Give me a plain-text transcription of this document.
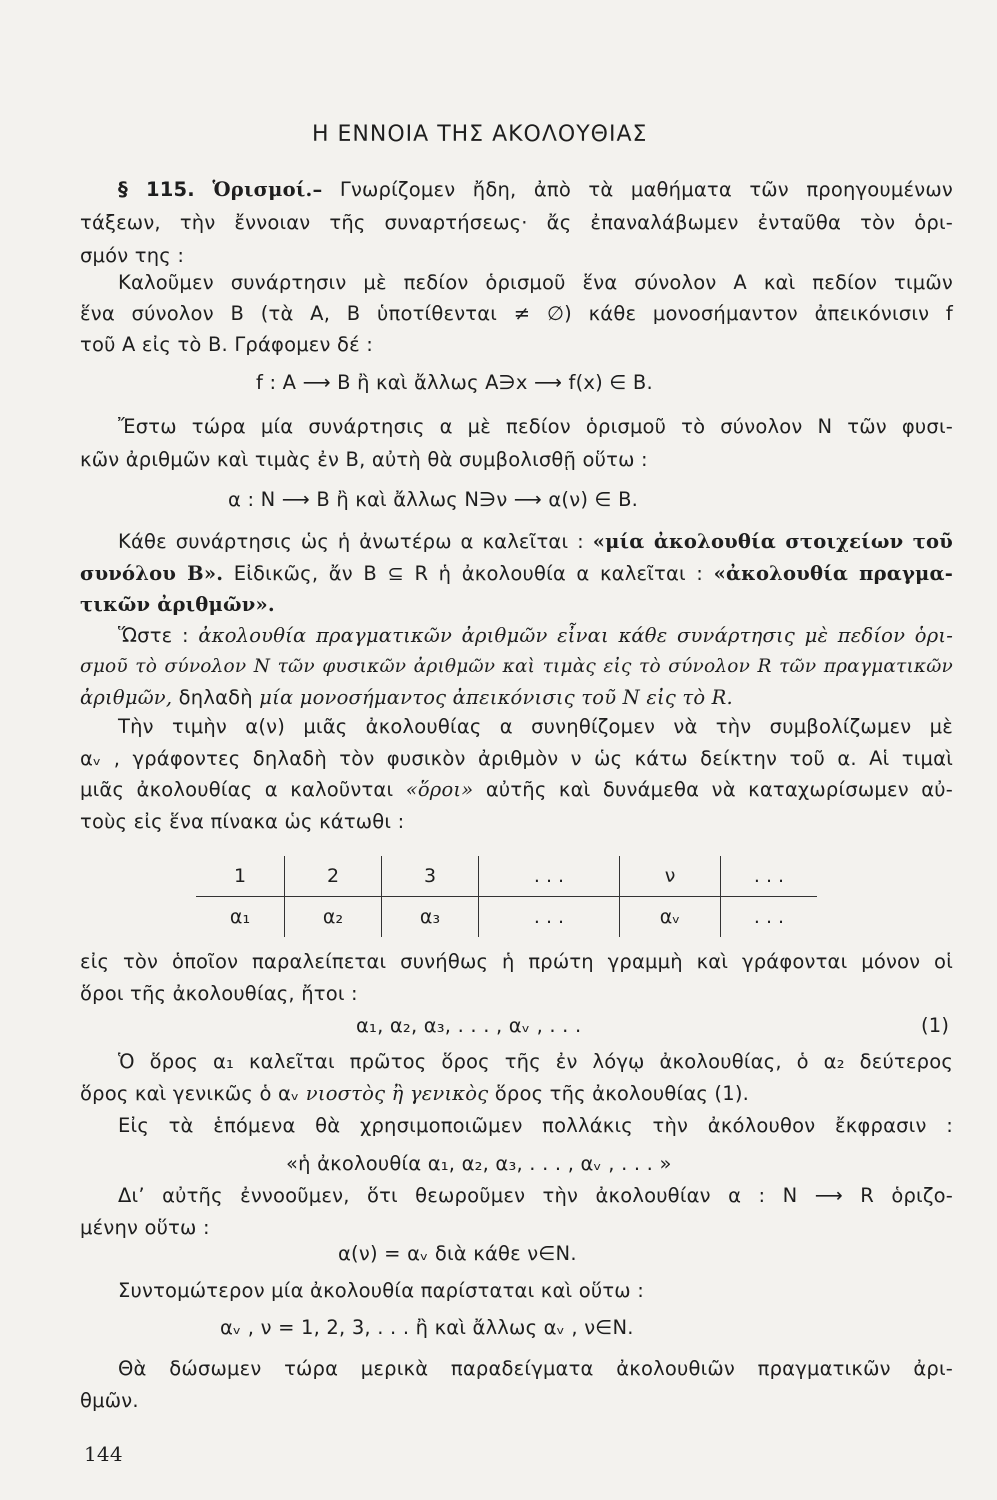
Η ΕΝΝΟΙΑ ΤΗΣ ΑΚΟΛΟΥΘΙΑΣ
§ 115. Ὁρισμοί.– Γνωρίζομεν ἤδη, ἀπὸ τὰ μαθήματα τῶν προηγουμένων
τάξεων, τὴν ἔννοιαν τῆς συναρτήσεως· ἄς ἐπαναλάβωμεν ἐνταῦθα τὸν ὁρι-
σμόν της :
Καλοῦμεν συνάρτησιν μὲ πεδίον ὁρισμοῦ ἕνα σύνολον A καὶ πεδίον τιμῶν
ἕνα σύνολον B (τὰ A, B ὑποτίθενται ≠ ∅) κάθε μονοσήμαντον ἀπεικόνισιν f
τοῦ A εἰς τὸ B. Γράφομεν δέ :
f : A ⟶ B ἢ καὶ ἄλλως A∋x ⟶ f(x) ∈ B.
Ἔστω τώρα μία συνάρτησις α μὲ πεδίον ὁρισμοῦ τὸ σύνολον N τῶν φυσι-
κῶν ἀριθμῶν καὶ τιμὰς ἐν B, αὐτὴ θὰ συμβολισθῇ οὕτω :
α : N ⟶ B ἢ καὶ ἄλλως N∋ν ⟶ α(ν) ∈ B.
Κάθε συνάρτησις ὡς ἡ ἀνωτέρω α καλεῖται : «μία ἀκολουθία στοιχείων τοῦ
συνόλου B». Εἰδικῶς, ἄν B ⊆ R ἡ ἀκολουθία α καλεῖται : «ἀκολουθία πραγμα-
τικῶν ἀριθμῶν».
Ὥστε : ἀκολουθία πραγματικῶν ἀριθμῶν εἶναι κάθε συνάρτησις μὲ πεδίον ὁρι-
σμοῦ τὸ σύνολον N τῶν φυσικῶν ἀριθμῶν καὶ τιμὰς εἰς τὸ σύνολον R τῶν πραγματικῶν
ἀριθμῶν, δηλαδὴ μία μονοσήμαντος ἀπεικόνισις τοῦ N εἰς τὸ R.
Τὴν τιμὴν α(ν) μιᾶς ἀκολουθίας α συνηθίζομεν νὰ τὴν συμβολίζωμεν μὲ
αᵥ , γράφοντες δηλαδὴ τὸν φυσικὸν ἀριθμὸν ν ὡς κάτω δείκτην τοῦ α. Αἱ τιμαὶ
μιᾶς ἀκολουθίας α καλοῦνται «ὅροι» αὐτῆς καὶ δυνάμεθα νὰ καταχωρίσωμεν αὐ-
τοὺς εἰς ἕνα πίνακα ὡς κάτωθι :
1	2	3	. . .	ν	. . .
α₁	α₂	α₃	. . .	αᵥ	. . .
εἰς τὸν ὁποῖον παραλείπεται συνήθως ἡ πρώτη γραμμὴ καὶ γράφονται μόνον οἱ
ὅροι τῆς ἀκολουθίας, ἤτοι :
α₁, α₂, α₃, . . . , αᵥ , . . .	(1)
Ὁ ὅρος α₁ καλεῖται πρῶτος ὅρος τῆς ἐν λόγῳ ἀκολουθίας, ὁ α₂ δεύτερος
ὅρος καὶ γενικῶς ὁ αᵥ νιοστὸς ἢ γενικὸς ὅρος τῆς ἀκολουθίας (1).
Εἰς τὰ ἑπόμενα θὰ χρησιμοποιῶμεν πολλάκις τὴν ἀκόλουθον ἔκφρασιν :
«ἡ ἀκολουθία α₁, α₂, α₃, . . . , αᵥ , . . . »
Διʼ αὐτῆς ἐννοοῦμεν, ὅτι θεωροῦμεν τὴν ἀκολουθίαν α : N ⟶ R ὁριζο-
μένην οὕτω :
α(ν) = αᵥ διὰ κάθε ν∈N.
Συντομώτερον μία ἀκολουθία παρίσταται καὶ οὕτω :
αᵥ , ν = 1, 2, 3, . . . ἢ καὶ ἄλλως αᵥ , ν∈N.
Θὰ δώσωμεν τώρα μερικὰ παραδείγματα ἀκολουθιῶν πραγματικῶν ἀρι-
θμῶν.
144
